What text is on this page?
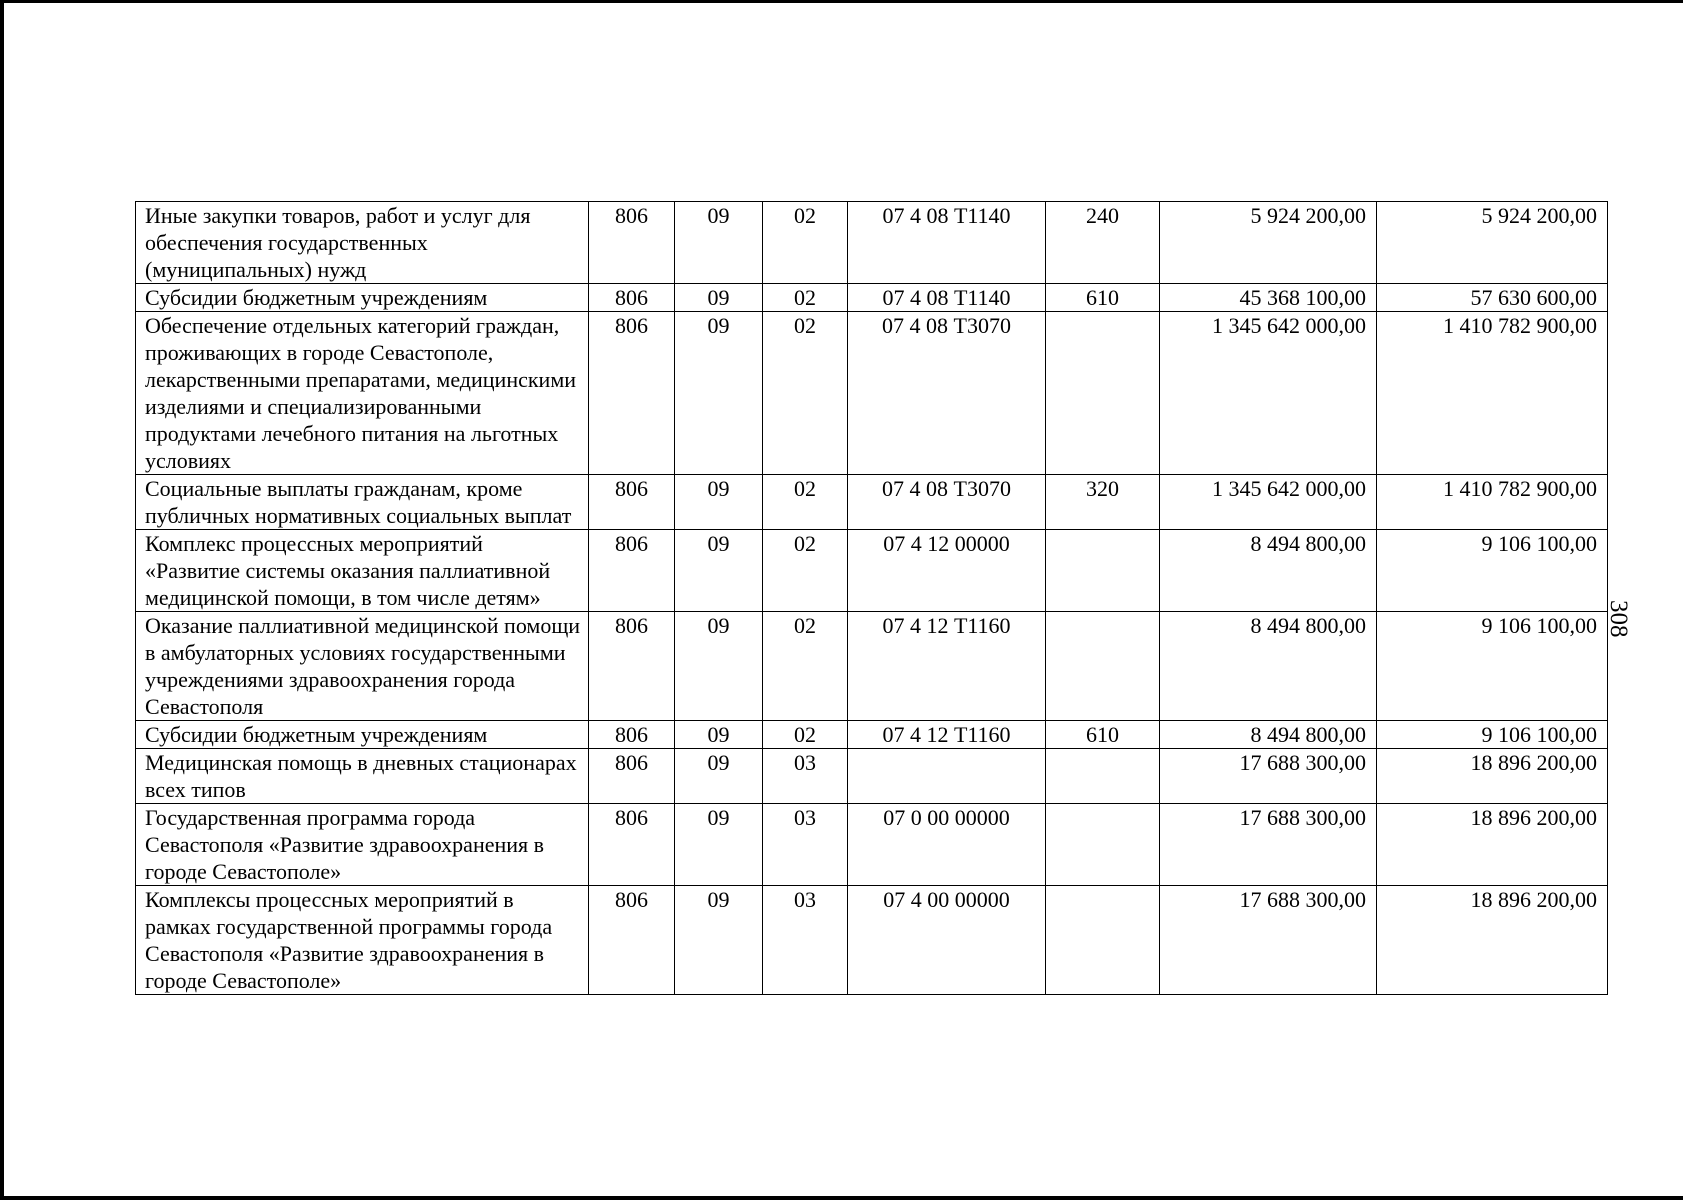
Иные закупки товаров, работ и услуг для обеспечения государственных (муниципальных) нужд	806	09	02	07 4 08 Т1140	240	5 924 200,00	5 924 200,00
Субсидии бюджетным учреждениям	806	09	02	07 4 08 Т1140	610	45 368 100,00	57 630 600,00
Обеспечение отдельных категорий граждан, проживающих в городе Севастополе, лекарственными препаратами, медицинскими изделиями и специализированными продуктами лечебного питания на льготных условиях	806	09	02	07 4 08 Т3070		1 345 642 000,00	1 410 782 900,00
Социальные выплаты гражданам, кроме публичных нормативных социальных выплат	806	09	02	07 4 08 Т3070	320	1 345 642 000,00	1 410 782 900,00
Комплекс процессных мероприятий «Развитие системы оказания паллиативной медицинской помощи, в том числе детям»	806	09	02	07 4 12 00000		8 494 800,00	9 106 100,00
Оказание паллиативной медицинской помощи в амбулаторных условиях государственными учреждениями здравоохранения города Севастополя	806	09	02	07 4 12 Т1160		8 494 800,00	9 106 100,00
Субсидии бюджетным учреждениям	806	09	02	07 4 12 Т1160	610	8 494 800,00	9 106 100,00
Медицинская помощь в дневных стационарах всех типов	806	09	03			17 688 300,00	18 896 200,00
Государственная программа города Севастополя «Развитие здравоохранения в городе Севастополе»	806	09	03	07 0 00 00000		17 688 300,00	18 896 200,00
Комплексы процессных мероприятий в рамках государственной программы города Севастополя «Развитие здравоохранения в городе Севастополе»	806	09	03	07 4 00 00000		17 688 300,00	18 896 200,00
308
